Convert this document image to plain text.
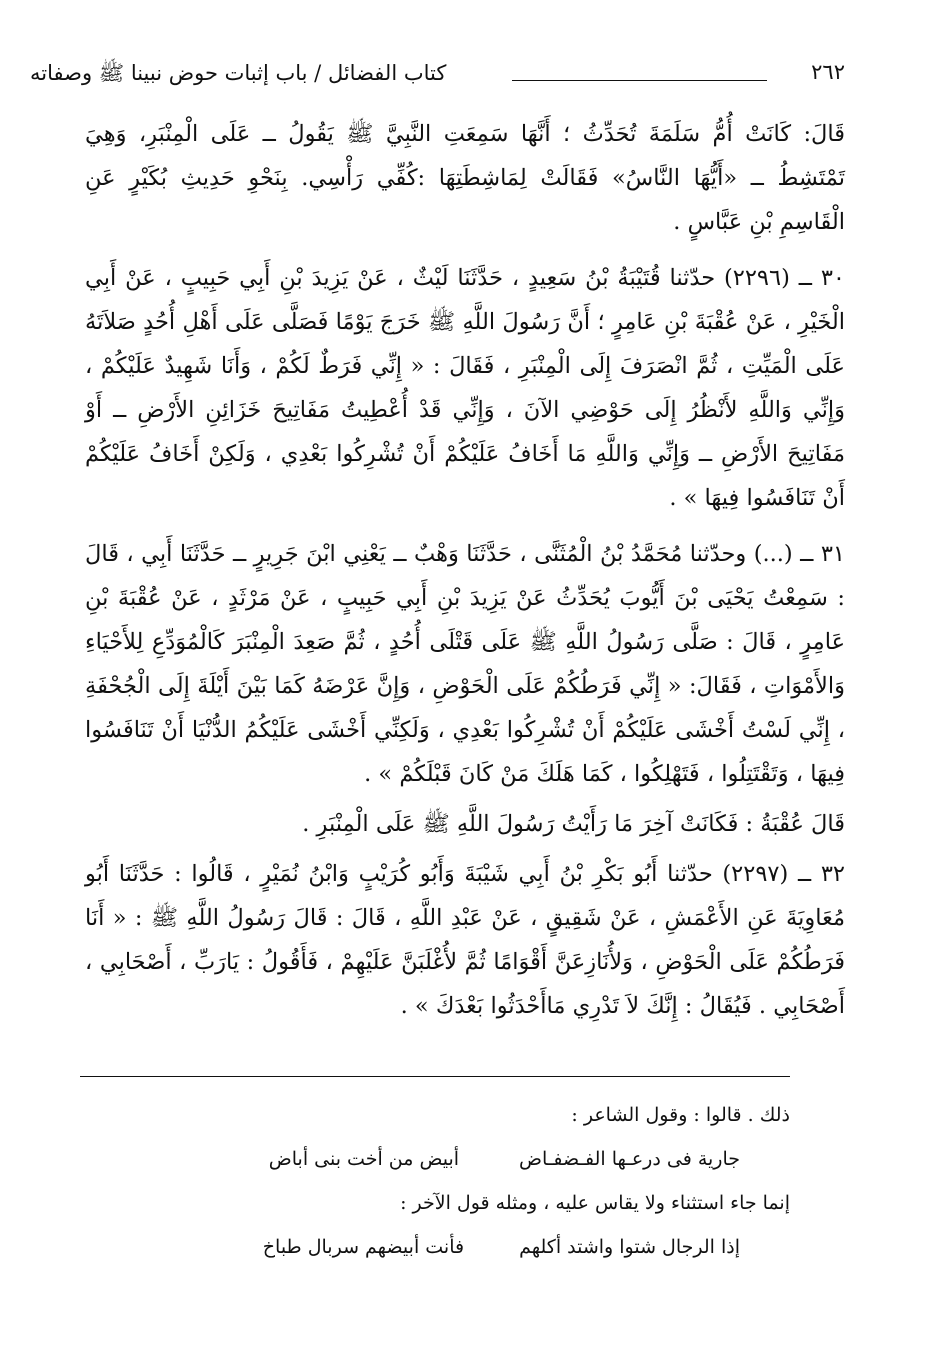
٢٦٢
كتاب الفضائل / باب إثبات حوض نبينا ﷺ وصفاته

قَالَ: كَانَتْ أُمُّ سَلَمَةَ تُحَدِّثُ ؛ أَنَّهَا سَمِعَتِ النَّبِيَّ ﷺ يَقُولُ ــ عَلَى الْمِنْبَرِ، وَهِيَ تَمْتَشِطُ ــ «أَيُّهَا النَّاسُ» فَقَالَتْ لِمَاشِطَتِهَا :كُفِّي رَأْسِي. بِنَحْوِ حَدِيثِ بُكَيْرٍ عَنِ الْقَاسِمِ بْنِ عَبَّاسٍ .

٣٠ ــ (٢٢٩٦) حدّثنا قُتَيْبَةُ بْنُ سَعِيدٍ ، حَدَّثَنَا لَيْثٌ ، عَنْ يَزِيدَ بْنِ أَبِي حَبِيبٍ ، عَنْ أَبِي الْخَيْرِ ، عَنْ عُقْبَةَ بْنِ عَامِرٍ ؛ أَنَّ رَسُولَ اللَّهِ ﷺ خَرَجَ يَوْمًا فَصَلَّى عَلَى أَهْلِ أُحُدٍ صَلاَتَهُ عَلَى الْمَيِّتِ ، ثُمَّ انْصَرَفَ إِلَى الْمِنْبَرِ ، فَقَالَ : « إِنِّي فَرَطٌ لَكُمْ ، وَأَنَا شَهِيدٌ عَلَيْكُمْ ، وَإِنِّي وَاللَّهِ لأَنْظُرُ إِلَى حَوْضِي الآنَ ، وَإِنِّي قَدْ أُعْطِيتُ مَفَاتِيحَ خَزَائِنِ الأَرْضِ ــ أَوْ مَفَاتِيحَ الأَرْضِ ــ وَإِنِّي وَاللَّهِ مَا أَخَافُ عَلَيْكُمْ أَنْ تُشْرِكُوا بَعْدِي ، وَلَكِنْ أَخَافُ عَلَيْكُمْ أَنْ تَنَافَسُوا فِيهَا » .

٣١ ــ (...) وحدّثنا مُحَمَّدُ بْنُ الْمُثَنَّى ، حَدَّثَنَا وَهْبٌ ــ يَعْنِي ابْنَ جَرِيرٍ ــ حَدَّثَنَا أَبِي ، قَالَ : سَمِعْتُ يَحْيَى بْنَ أَيُّوبَ يُحَدِّثُ عَنْ يَزِيدَ بْنِ أَبِي حَبِيبٍ ، عَنْ مَرْثَدٍ ، عَنْ عُقْبَةَ بْنِ عَامِرٍ ، قَالَ : صَلَّى رَسُولُ اللَّهِ ﷺ عَلَى قَتْلَى أُحُدٍ ، ثُمَّ صَعِدَ الْمِنْبَرَ كَالْمُوَدِّعِ لِلأَحْيَاءِ وَالأَمْوَاتِ ، فَقَالَ: « إِنِّي فَرَطُكُمْ عَلَى الْحَوْضِ ، وَإِنَّ عَرْضَهُ كَمَا بَيْنَ أَيْلَةَ إِلَى الْجُحْفَةِ ، إِنِّي لَسْتُ أَخْشَى عَلَيْكُمْ أَنْ تُشْرِكُوا بَعْدِي ، وَلَكِنِّي أَخْشَى عَلَيْكُمُ الدُّنْيَا أَنْ تَنَافَسُوا فِيهَا ، وَتَقْتَتِلُوا ، فَتَهْلِكُوا ، كَمَا هَلَكَ مَنْ كَانَ قَبْلَكُمْ » .

قَالَ عُقْبَةُ : فَكَانَتْ آخِرَ مَا رَأَيْتُ رَسُولَ اللَّهِ ﷺ عَلَى الْمِنْبَرِ .

٣٢ ــ (٢٢٩٧) حدّثنا أَبُو بَكْرِ بْنُ أَبِي شَيْبَةَ وَأَبُو كُرَيْبٍ وَابْنُ نُمَيْرٍ ، قَالُوا : حَدَّثَنَا أَبُو مُعَاوِيَةَ عَنِ الأَعْمَشِ ، عَنْ شَقِيقٍ ، عَنْ عَبْدِ اللَّهِ ، قَالَ : قَالَ رَسُولُ اللَّهِ ﷺ : « أَنَا فَرَطُكُمْ عَلَى الْحَوْضِ ، وَلأُنَازِعَنَّ أَقْوَامًا ثُمَّ لأُغْلَبَنَّ عَلَيْهِمْ ، فَأَقُولُ : يَارَبِّ ، أَصْحَابِي ، أَصْحَابِي . فَيُقَالُ : إِنَّكَ لاَ تَدْرِي مَاأَحْدَثُوا بَعْدَكَ » .

ذلك . قالوا : وقول الشاعر :

جارية فى درعـها الفـضفـاض
أبيض من أخت بنى أباض

إنما جاء استثناء ولا يقاس عليه ، ومثله قول الآخر :

إذا الرجال شتوا واشتد أكلهم
فأنت أبيضهم سربال طباخ
